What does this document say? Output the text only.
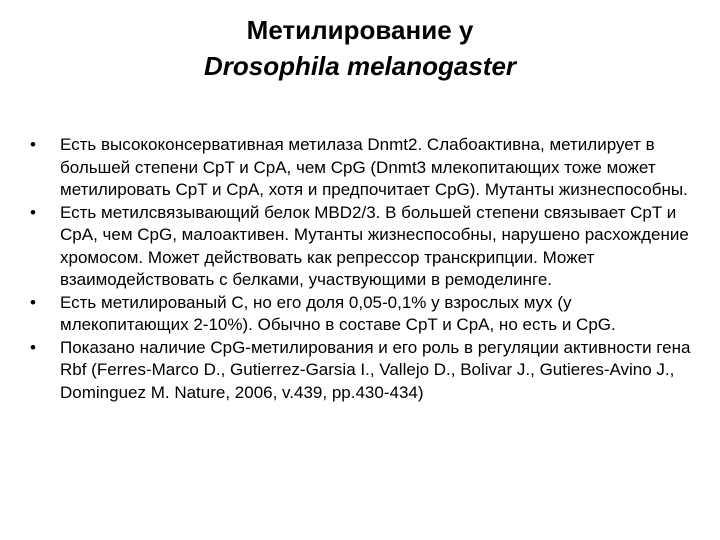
Метилирование у
Drosophila melanogaster
•	Есть высококонсервативная метилаза Dnmt2. Слабоактивна, метилирует в большей степени CpT и CpA, чем CpG (Dnmt3 млекопитающих тоже может метилировать CpT и CpA, хотя и предпочитает CpG). Мутанты жизнеспособны.
•	Есть метилсвязывающий белок MBD2/3. В большей степени связывает CpT и CpA, чем CpG, малоактивен. Мутанты жизнеспособны, нарушено расхождение хромосом. Может действовать как репрессор транскрипции. Может взаимодействовать с белками, участвующими в ремоделинге.
•	Есть метилированый С, но его доля 0,05-0,1% у взрослых мух (у млекопитающих 2-10%). Обычно в составе CpT и CpA, но есть и CpG.
•	Показано наличие CpG-метилирования и его роль в регуляции активности гена Rbf (Ferres-Marco D., Gutierrez-Garsia I., Vallejo D., Bolivar J., Gutieres-Avino J., Dominguez M. Nature, 2006, v.439, pp.430-434)
